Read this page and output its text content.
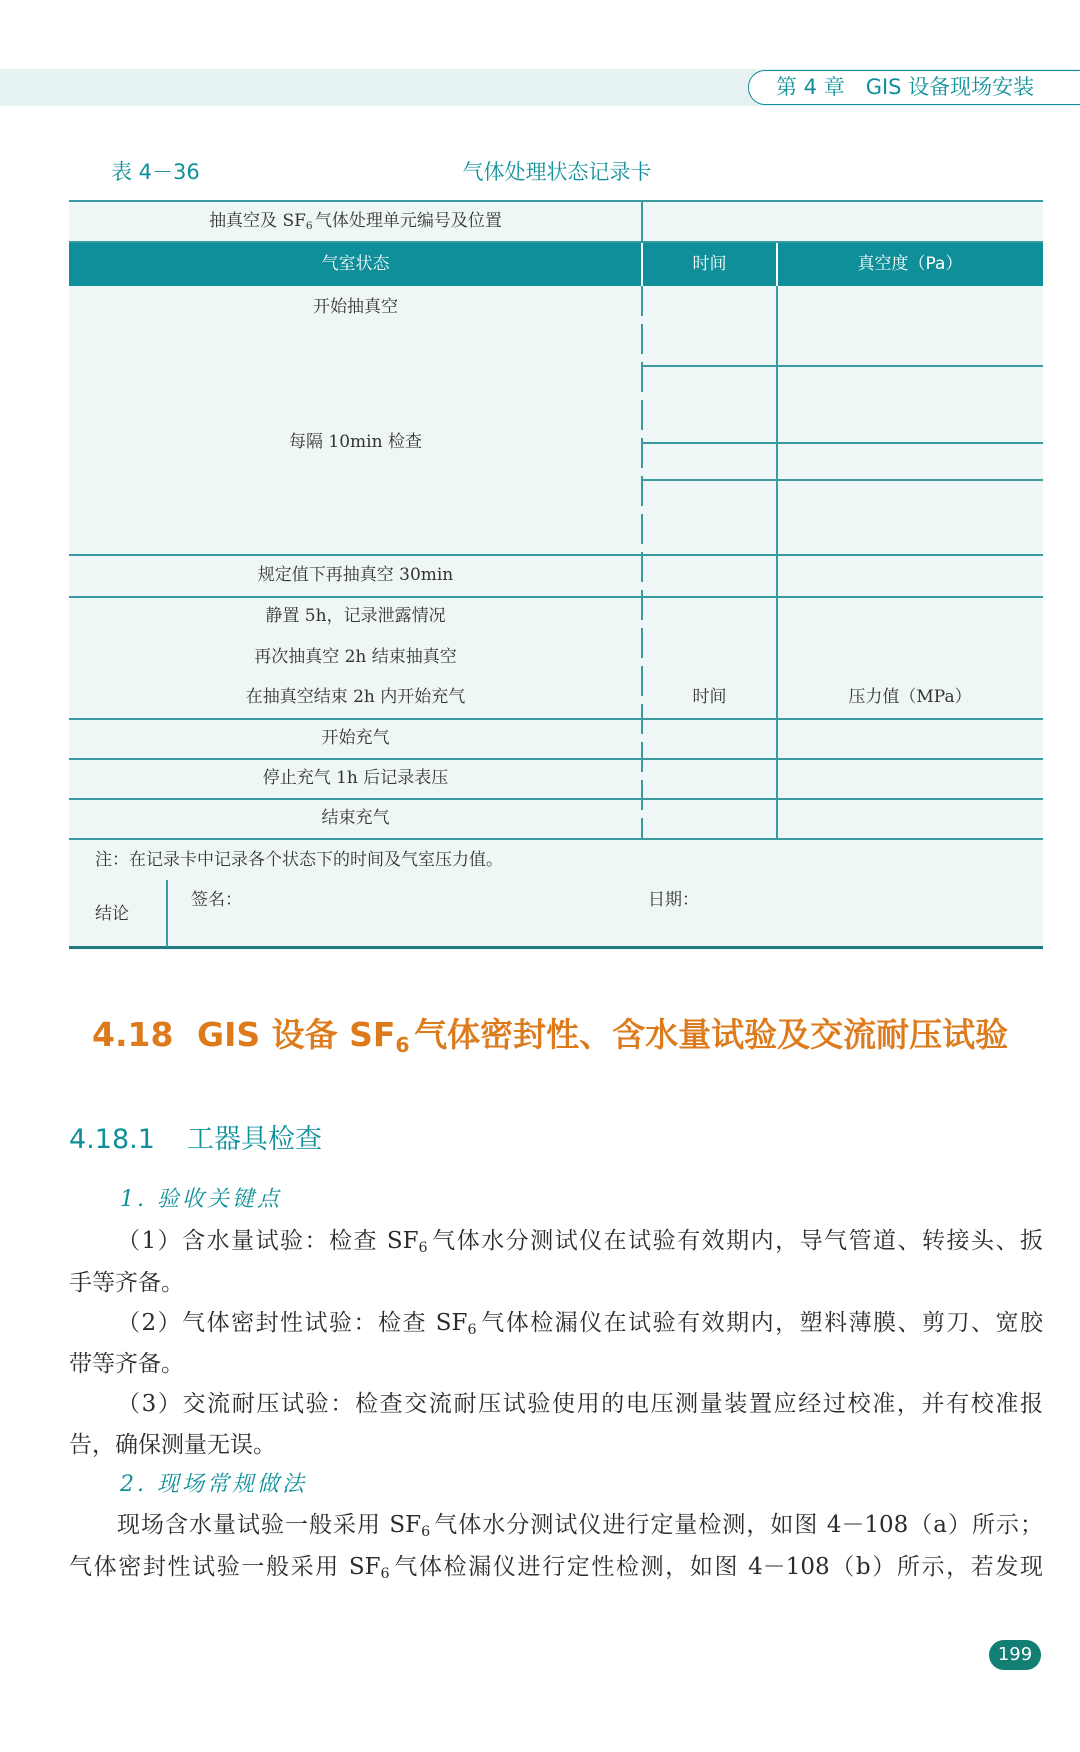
第 4 章　GIS 设备现场安装
表 4－36	气体处理状态记录卡
气室状态	时间	真空度（Pa）
抽真空及 $SF_6$ 气体处理单元编号及位置
开始抽真空
每隔 10min 检查
规定值下再抽真空 30min
静置 5h，记录泄露情况
再次抽真空 2h 结束抽真空
在抽真空结束 2h 内开始充气	时间	压力值（MPa）
开始充气
停止充气 1h 后记录表压
结束充气
注：在记录卡中记录各个状态下的时间及气室压力值。
结论
签名：	日期：
4.18 GIS 设备 $SF_6$ 气体密封性、含水量试验及交流耐压试验
4.18.1 工器具检查
1. 验收关键点
（1）含水量试验：检查 $SF_6$ 气体水分测试仪在试验有效期内，导气管道、转接头、扳
手等齐备。
（2）气体密封性试验：检查 $SF_6$ 气体检漏仪在试验有效期内，塑料薄膜、剪刀、宽胶
带等齐备。
（3）交流耐压试验：检查交流耐压试验使用的电压测量装置应经过校准，并有校准报
告，确保测量无误。
2. 现场常规做法
现场含水量试验一般采用 $SF_6$ 气体水分测试仪进行定量检测，如图 4－108（a）所示；
气体密封性试验一般采用 $SF_6$ 气体检漏仪进行定性检测，如图 4－108（b）所示，若发现
199
